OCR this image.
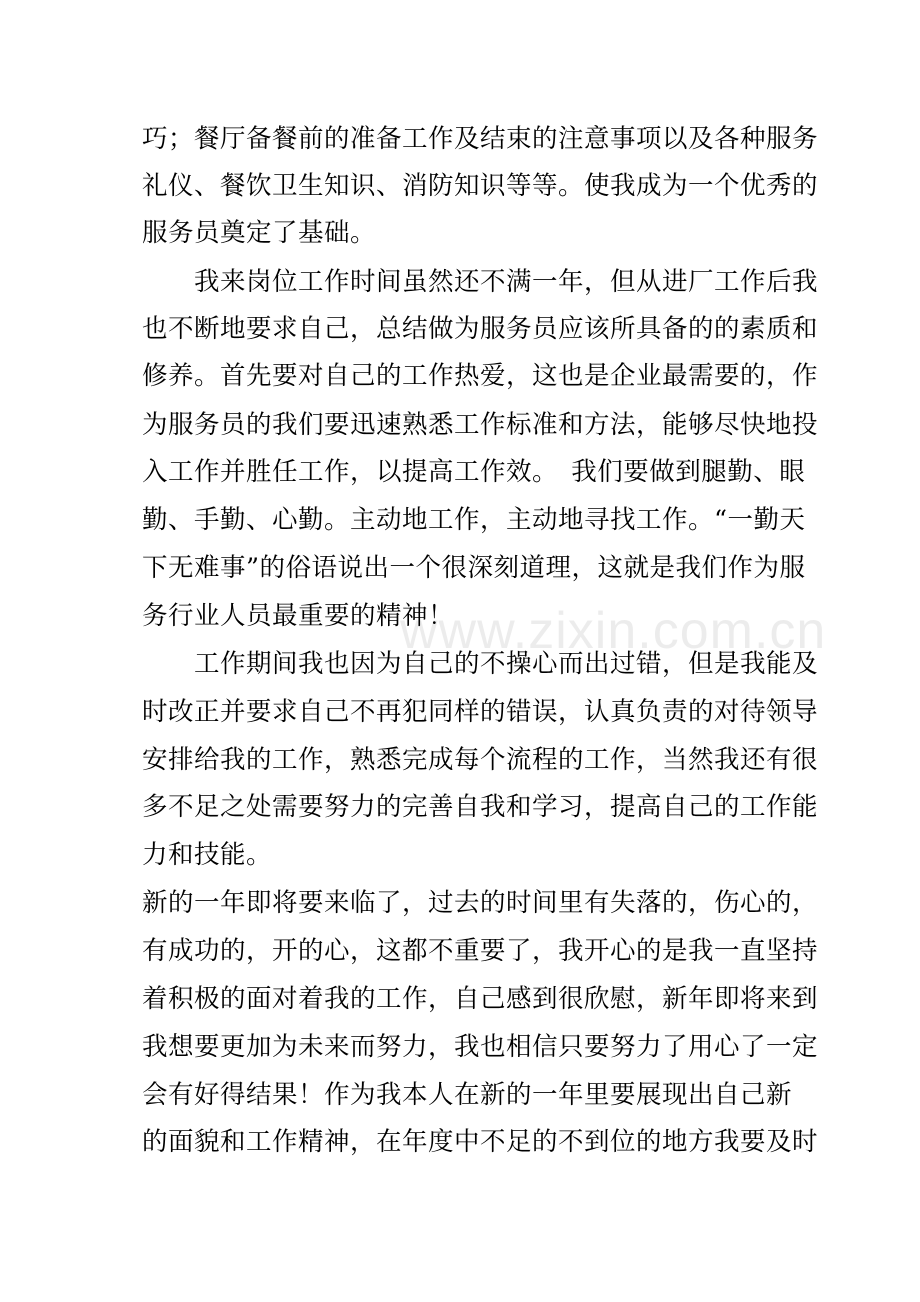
巧；餐厅备餐前的准备工作及结束的注意事项以及各种服务
礼仪、餐饮卫生知识、消防知识等等。使我成为一个优秀的
服务员奠定了基础。
　　我来岗位工作时间虽然还不满一年，但从进厂工作后我
也不断地要求自己，总结做为服务员应该所具备的的素质和
修养。首先要对自己的工作热爱，这也是企业最需要的，作
为服务员的我们要迅速熟悉工作标准和方法，能够尽快地投
入工作并胜任工作，以提高工作效。　我们要做到腿勤、眼
勤、手勤、心勤。主动地工作，主动地寻找工作。“一勤天
下无难事”的俗语说出一个很深刻道理，这就是我们作为服
务行业人员最重要的精神！
　　工作期间我也因为自己的不操心而出过错，但是我能及
时改正并要求自己不再犯同样的错误，认真负责的对待领导
安排给我的工作，熟悉完成每个流程的工作，当然我还有很
多不足之处需要努力的完善自我和学习，提高自己的工作能
力和技能。
新的一年即将要来临了，过去的时间里有失落的，伤心的，
有成功的，开的心，这都不重要了，我开心的是我一直坚持
着积极的面对着我的工作，自己感到很欣慰，新年即将来到
我想要更加为未来而努力，我也相信只要努力了用心了一定
会有好得结果！作为我本人在新的一年里要展现出自己新
的面貌和工作精神，在年度中不足的不到位的地方我要及时
www.zixin.com.cn
